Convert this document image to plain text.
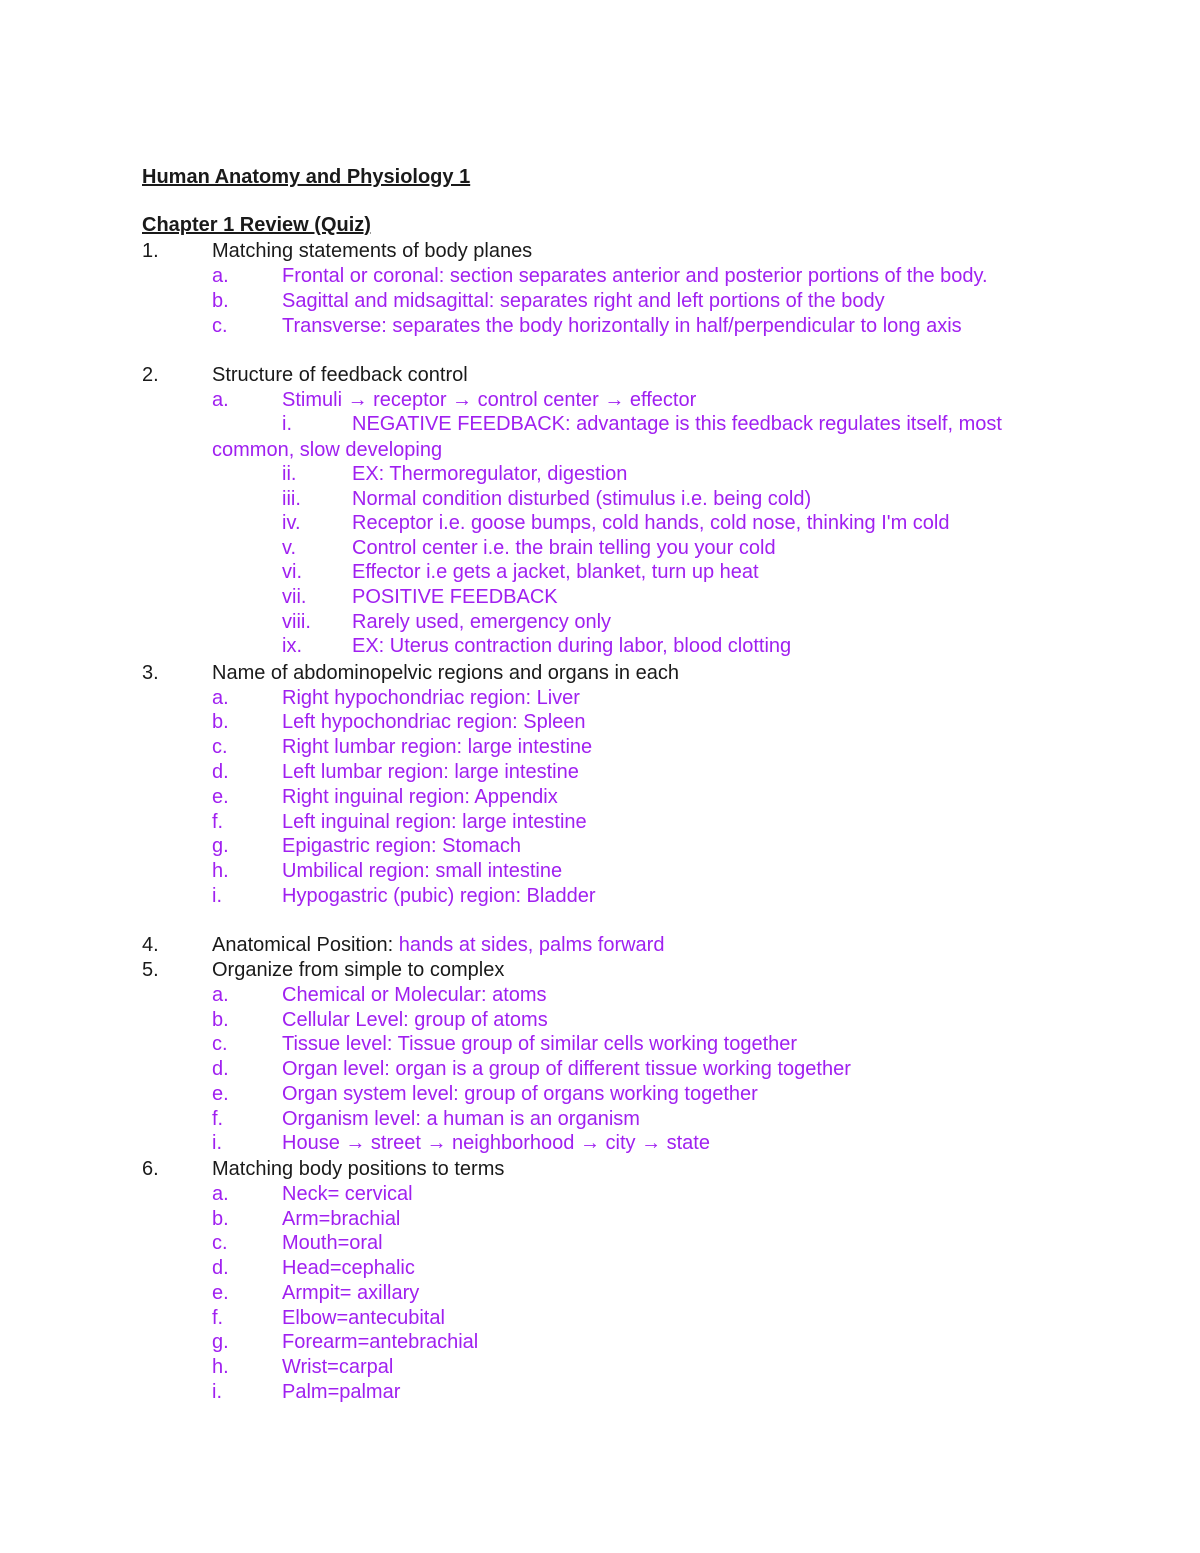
Human Anatomy and Physiology 1
Chapter 1 Review (Quiz)
1.	Matching statements of body planes
a.	Frontal or coronal: section separates anterior and posterior portions of the body.
b.	Sagittal and midsagittal: separates right and left portions of the body
c.	Transverse: separates the body horizontally in half/perpendicular to long axis
2.	Structure of feedback control
a.	Stimuli → receptor → control center → effector
i.	NEGATIVE FEEDBACK: advantage is this feedback regulates itself, most
common, slow developing
ii.	EX: Thermoregulator, digestion
iii.	Normal condition disturbed (stimulus i.e. being cold)
iv.	Receptor i.e. goose bumps, cold hands, cold nose, thinking I'm cold
v.	Control center i.e. the brain telling you your cold
vi.	Effector i.e gets a jacket, blanket, turn up heat
vii. POSITIVE FEEDBACK
viii. Rarely used, emergency only
ix.	EX: Uterus contraction during labor, blood clotting
3.	Name of abdominopelvic regions and organs in each
a.	Right hypochondriac region: Liver
b.	Left hypochondriac region: Spleen
c.	Right lumbar region: large intestine
d.	Left lumbar region: large intestine
e.	Right inguinal region: Appendix
f.	Left inguinal region: large intestine
g.	Epigastric region: Stomach
h.	Umbilical region: small intestine
i.	Hypogastric (pubic) region: Bladder
4.	Anatomical Position: hands at sides, palms forward
5.	Organize from simple to complex
a.	Chemical or Molecular: atoms
b.	Cellular Level: group of atoms
c.	Tissue level: Tissue group of similar cells working together
d.	Organ level: organ is a group of different tissue working together
e.	Organ system level: group of organs working together
f.	Organism level: a human is an organism
i.	House → street → neighborhood → city → state
6.	Matching body positions to terms
a.	Neck= cervical
b.	Arm=brachial
c.	Mouth=oral
d.	Head=cephalic
e.	Armpit= axillary
f.	Elbow=antecubital
g.	Forearm=antebrachial
h.	Wrist=carpal
i.	Palm=palmar
